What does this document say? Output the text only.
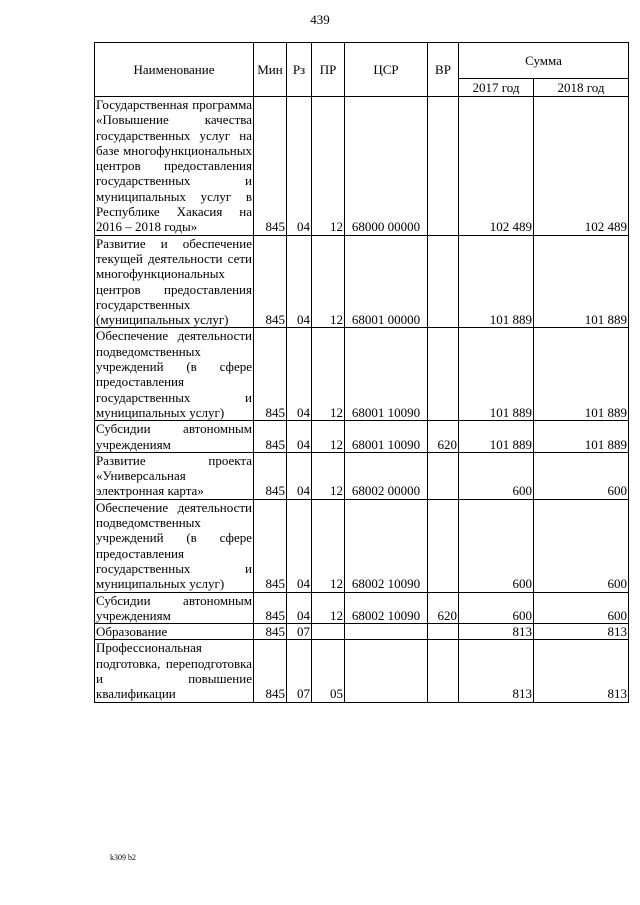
439
Наименование	Мин	Рз	ПР	ЦСР	ВР	Сумма	
						2017 год	2018 год
Государственная программа «Повышение качества государственных услуг на базе многофункциональных центров предоставления государственных и муниципальных услуг в Республике Хакасия на 2016 – 2018 годы»	845	04	12	68000 00000		102 489	102 489
Развитие и обеспечение текущей деятельности сети многофункциональных центров предоставления государственных (муниципальных услуг)	845	04	12	68001 00000		101 889	101 889
Обеспечение деятельности подведомственных учреждений (в сфере предоставления государственных и муниципальных услуг)	845	04	12	68001 10090		101 889	101 889
Субсидии автономным учреждениям	845	04	12	68001 10090	620	101 889	101 889
Развитие проекта «Универсальная электронная карта»	845	04	12	68002 00000		600	600
Обеспечение деятельности подведомственных учреждений (в сфере предоставления государственных и муниципальных услуг)	845	04	12	68002 10090		600	600
Субсидии автономным учреждениям	845	04	12	68002 10090	620	600	600
Образование	845	07				813	813
Профессиональная подготовка, переподготовка и повышение квалификации	845	07	05			813	813
k309 b2
